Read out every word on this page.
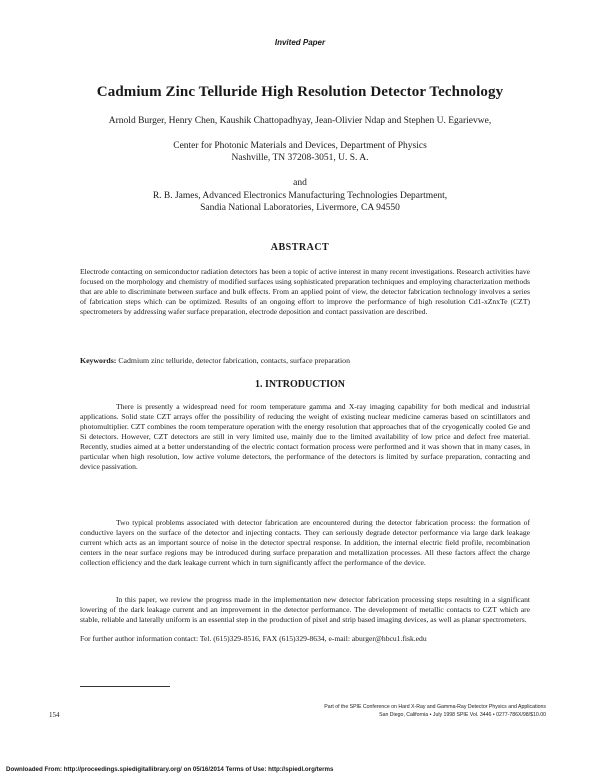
Invited Paper
Cadmium Zinc Telluride High Resolution Detector Technology
Arnold Burger, Henry Chen, Kaushik Chattopadhyay, Jean-Olivier Ndap and Stephen U. Egarievwe,
Center for Photonic Materials and Devices, Department of Physics
Nashville, TN 37208-3051, U. S. A.
and
R. B. James, Advanced Electronics Manufacturing Technologies Department,
Sandia National Laboratories, Livermore, CA 94550
ABSTRACT
Electrode contacting on semiconductor radiation detectors has been a topic of active interest in many recent investigations. Research activities have focused on the morphology and chemistry of modified surfaces using sophisticated preparation techniques and employing characterization methods that are able to discriminate between surface and bulk effects. From an applied point of view, the detector fabrication technology involves a series of fabrication steps which can be optimized. Results of an ongoing effort to improve the performance of high resolution Cd1-xZnxTe (CZT) spectrometers by addressing wafer surface preparation, electrode deposition and contact passivation are described.
Keywords: Cadmium zinc telluride, detector fabrication, contacts, surface preparation
1. INTRODUCTION
There is presently a widespread need for room temperature gamma and X-ray imaging capability for both medical and industrial applications. Solid state CZT arrays offer the possibility of reducing the weight of existing nuclear medicine cameras based on scintillators and photomultiplier. CZT combines the room temperature operation with the energy resolution that approaches that of the cryogenically cooled Ge and Si detectors. However, CZT detectors are still in very limited use, mainly due to the limited availability of low price and defect free material. Recently, studies aimed at a better understanding of the electric contact formation process were performed and it was shown that in many cases, in particular when high resolution, low active volume detectors, the performance of the detectors is limited by surface preparation, contacting and device passivation.
Two typical problems associated with detector fabrication are encountered during the detector fabrication process: the formation of conductive layers on the surface of the detector and injecting contacts. They can seriously degrade detector performance via large dark leakage current which acts as an important source of noise in the detector spectral response. In addition, the internal electric field profile, recombination centers in the near surface regions may be introduced during surface preparation and metallization processes. All these factors affect the charge collection efficiency and the dark leakage current which in turn significantly affect the performance of the device.
In this paper, we review the progress made in the implementation new detector fabrication processing steps resulting in a significant lowering of the dark leakage current and an improvement in the detector performance. The development of metallic contacts to CZT which are stable, reliable and laterally uniform is an essential step in the production of pixel and strip based imaging devices, as well as planar spectrometers.
For further author information contact: Tel. (615)329-8516, FAX (615)329-8634, e-mail: aburger@hbcu1.fisk.edu
154
Part of the SPIE Conference on Hard X-Ray and Gamma-Ray Detector Physics and Applications
San Diego, California • July 1998 SPIE Vol. 3446 • 0277-786X/98/$10.00
Downloaded From: http://proceedings.spiedigitallibrary.org/ on 05/16/2014 Terms of Use: http://spiedl.org/terms
